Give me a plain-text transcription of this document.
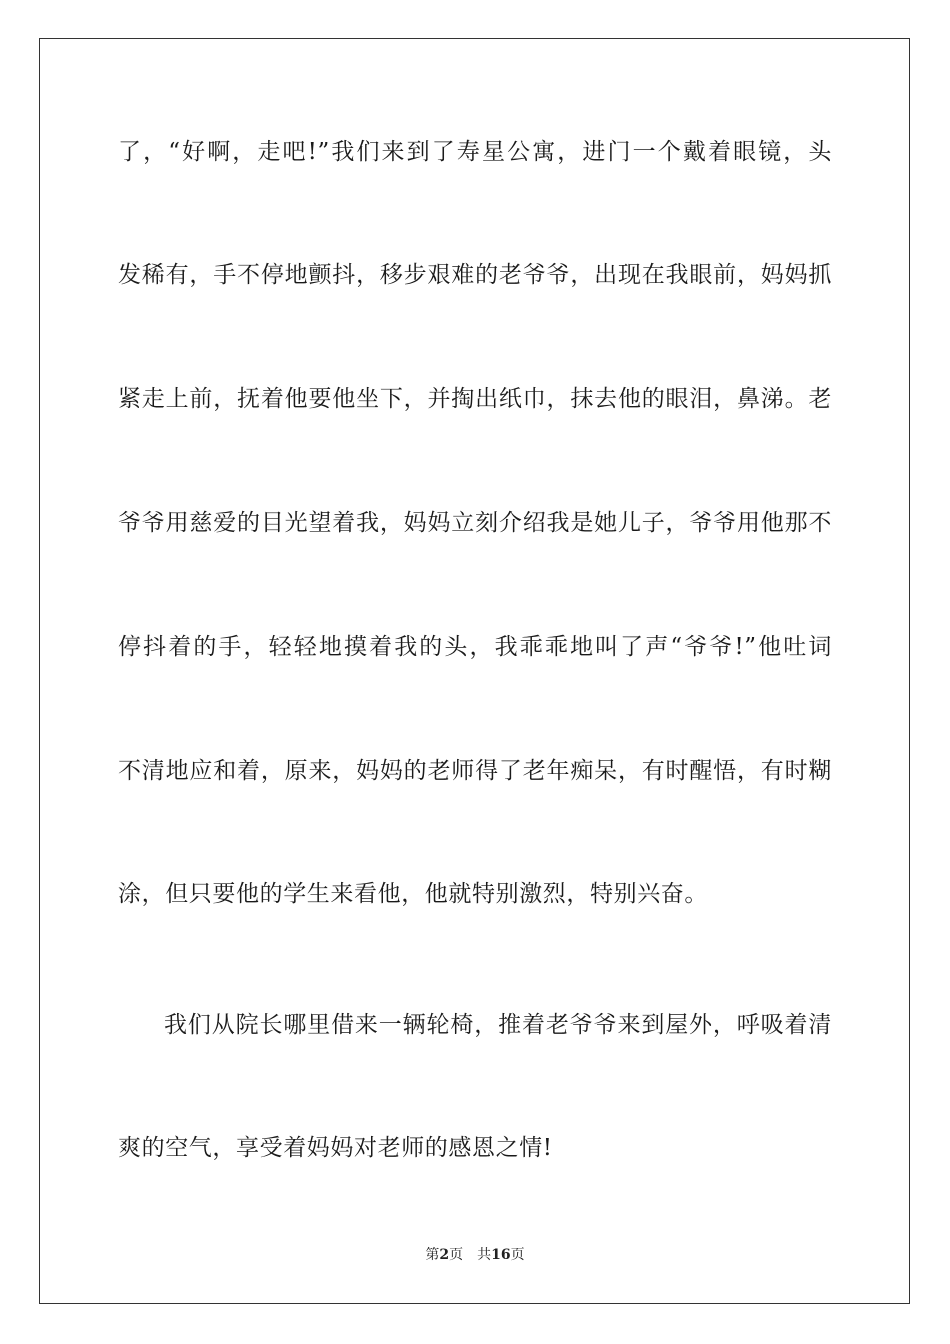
了，“好啊，走吧!”我们来到了寿星公寓，进门一个戴着眼镜，头
发稀有，手不停地颤抖，移步艰难的老爷爷，出现在我眼前，妈妈抓
紧走上前，抚着他要他坐下，并掏出纸巾，抹去他的眼泪，鼻涕。老
爷爷用慈爱的目光望着我，妈妈立刻介绍我是她儿子，爷爷用他那不
停抖着的手，轻轻地摸着我的头，我乖乖地叫了声“爷爷!”他吐词
不清地应和着，原来，妈妈的老师得了老年痴呆，有时醒悟，有时糊
涂，但只要他的学生来看他，他就特别激烈，特别兴奋。
我们从院长哪里借来一辆轮椅，推着老爷爷来到屋外，呼吸着清
爽的空气，享受着妈妈对老师的感恩之情!
第2页 共16页
